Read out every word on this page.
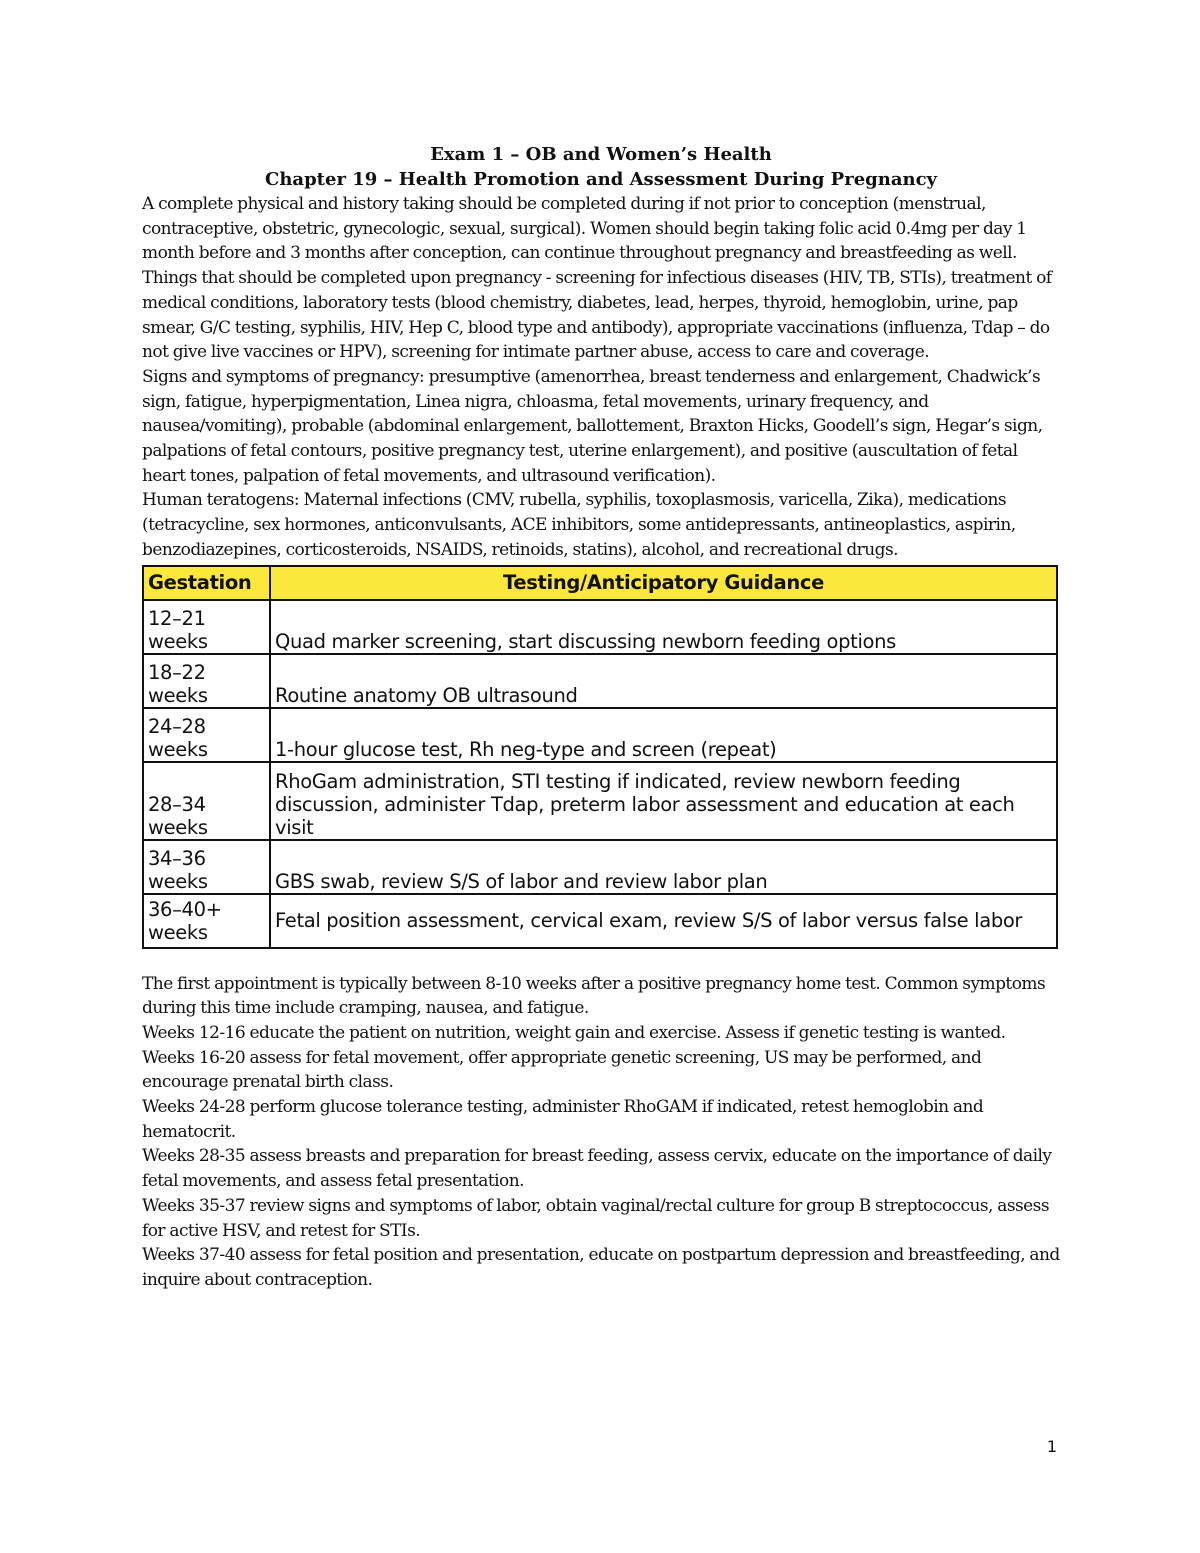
Exam 1 – OB and Women’s Health

Chapter 19 – Health Promotion and Assessment During Pregnancy

A complete physical and history taking should be completed during if not prior to conception (menstrual, contraceptive, obstetric, gynecologic, sexual, surgical). Women should begin taking folic acid 0.4mg per day 1 month before and 3 months after conception, can continue throughout pregnancy and breastfeeding as well. Things that should be completed upon pregnancy - screening for infectious diseases (HIV, TB, STIs), treatment of medical conditions, laboratory tests (blood chemistry, diabetes, lead, herpes, thyroid, hemoglobin, urine, pap smear, G/C testing, syphilis, HIV, Hep C, blood type and antibody), appropriate vaccinations (influenza, Tdap – do not give live vaccines or HPV), screening for intimate partner abuse, access to care and coverage.

Signs and symptoms of pregnancy: presumptive (amenorrhea, breast tenderness and enlargement, Chadwick’s sign, fatigue, hyperpigmentation, Linea nigra, chloasma, fetal movements, urinary frequency, and nausea/vomiting), probable (abdominal enlargement, ballottement, Braxton Hicks, Goodell’s sign, Hegar’s sign, palpations of fetal contours, positive pregnancy test, uterine enlargement), and positive (auscultation of fetal heart tones, palpation of fetal movements, and ultrasound verification).

Human teratogens: Maternal infections (CMV, rubella, syphilis, toxoplasmosis, varicella, Zika), medications (tetracycline, sex hormones, anticonvulsants, ACE inhibitors, some antidepressants, antineoplastics, aspirin, benzodiazepines, corticosteroids, NSAIDS, retinoids, statins), alcohol, and recreational drugs.

Gestation	Testing/Anticipatory Guidance
12–21 weeks	Quad marker screening, start discussing newborn feeding options
18–22 weeks	Routine anatomy OB ultrasound
24–28 weeks	1-hour glucose test, Rh neg-type and screen (repeat)
28–34 weeks	RhoGam administration, STI testing if indicated, review newborn feeding discussion, administer Tdap, preterm labor assessment and education at each visit
34–36 weeks	GBS swab, review S/S of labor and review labor plan
36–40+ weeks	Fetal position assessment, cervical exam, review S/S of labor versus false labor

The first appointment is typically between 8-10 weeks after a positive pregnancy home test. Common symptoms during this time include cramping, nausea, and fatigue.

Weeks 12-16 educate the patient on nutrition, weight gain and exercise. Assess if genetic testing is wanted.

Weeks 16-20 assess for fetal movement, offer appropriate genetic screening, US may be performed, and encourage prenatal birth class.

Weeks 24-28 perform glucose tolerance testing, administer RhoGAM if indicated, retest hemoglobin and hematocrit.

Weeks 28-35 assess breasts and preparation for breast feeding, assess cervix, educate on the importance of daily fetal movements, and assess fetal presentation.

Weeks 35-37 review signs and symptoms of labor, obtain vaginal/rectal culture for group B streptococcus, assess for active HSV, and retest for STIs.

Weeks 37-40 assess for fetal position and presentation, educate on postpartum depression and breastfeeding, and inquire about contraception.

1
